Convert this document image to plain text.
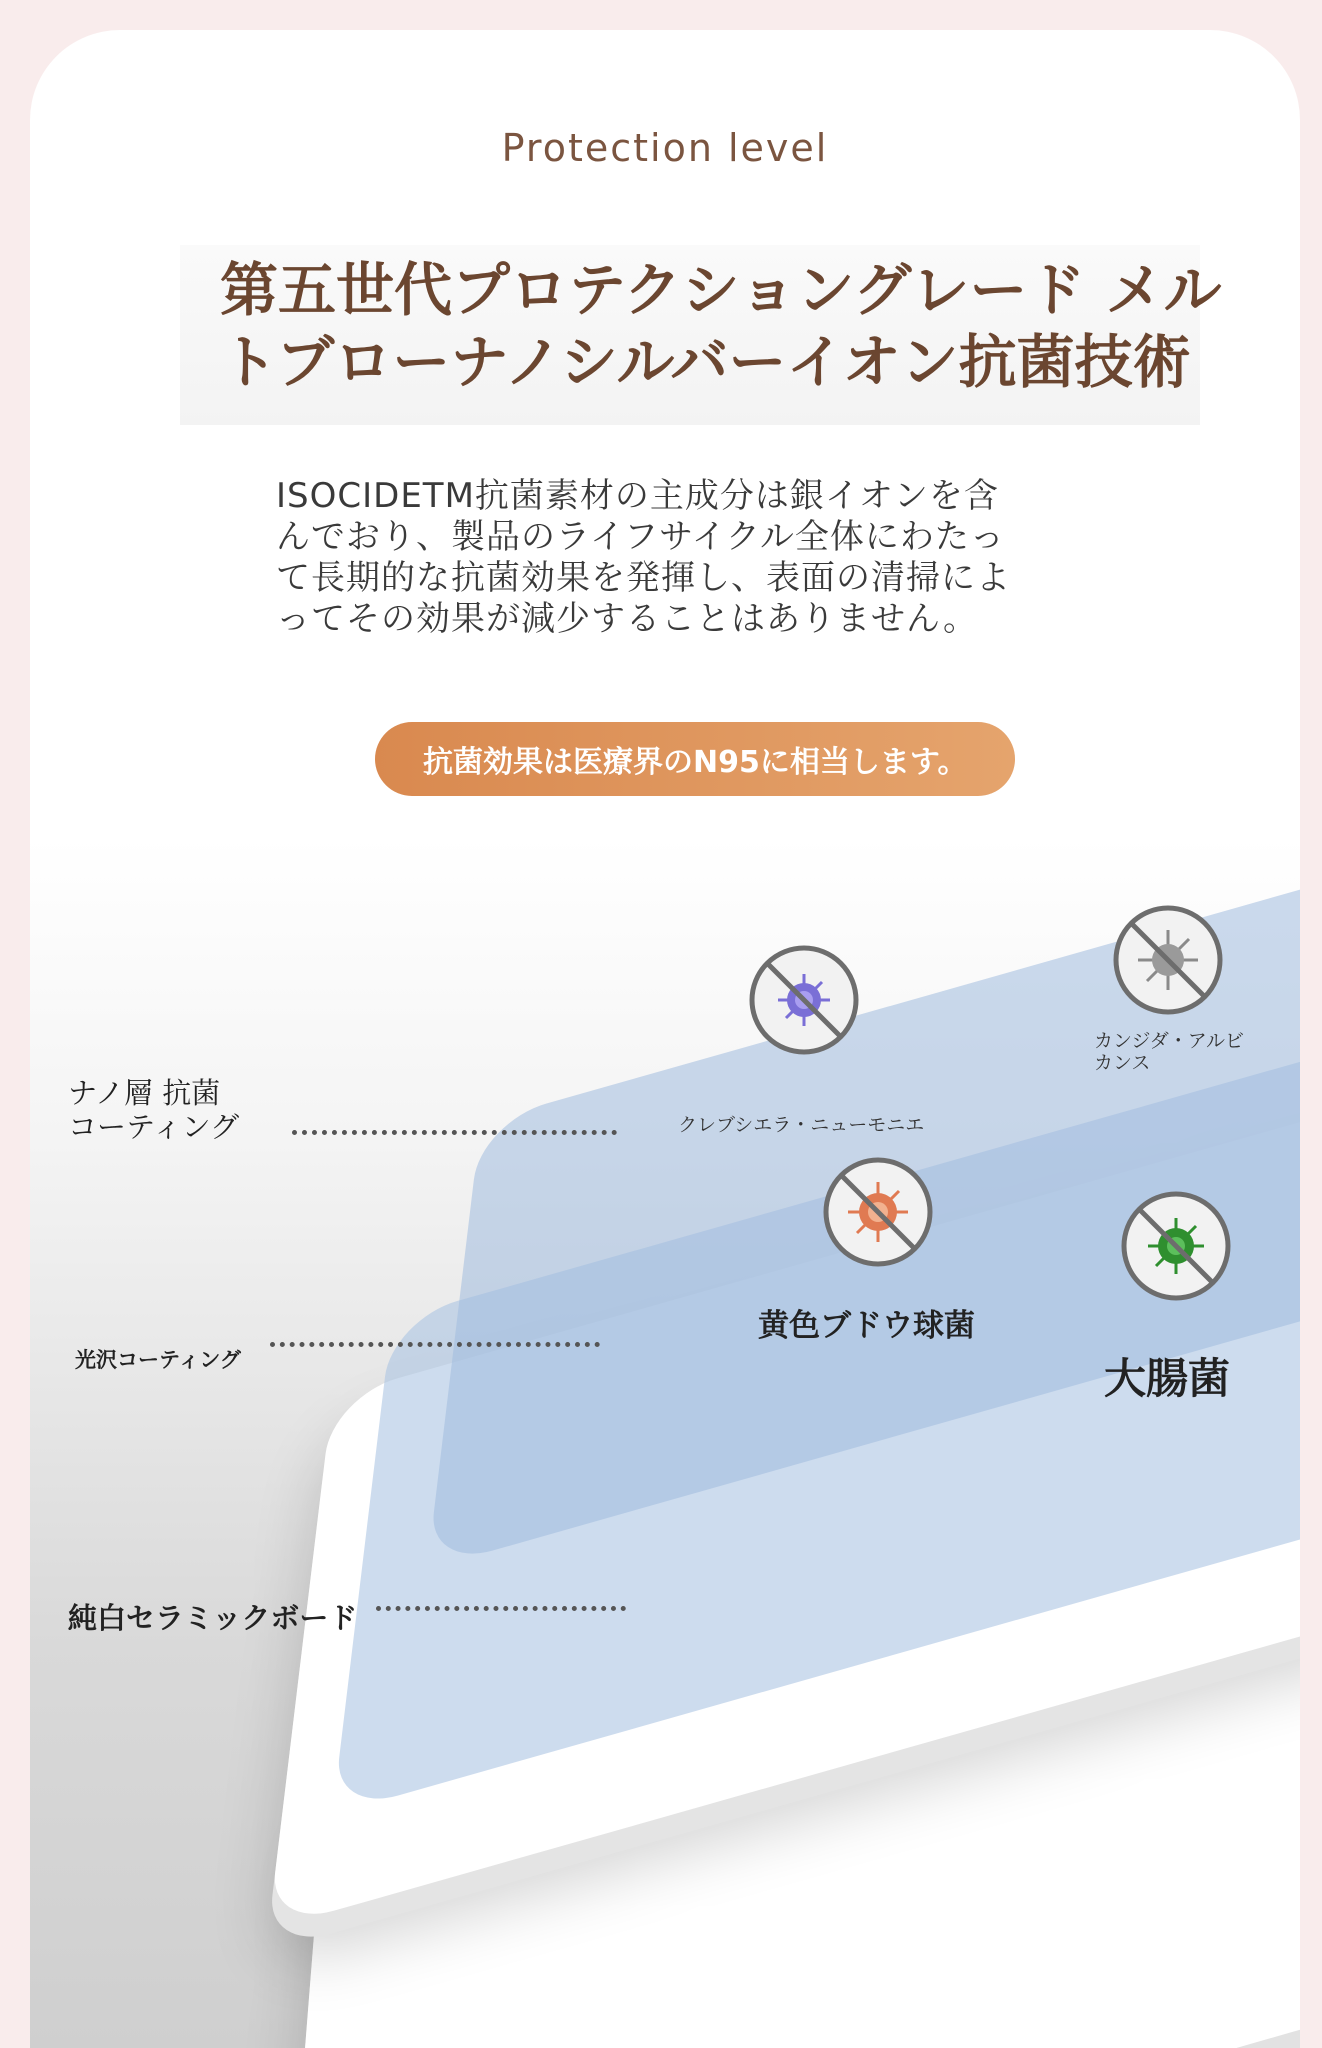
Protection level

第五世代プロテクショングレード メル
トブローナノシルバーイオン抗菌技術

ISOCIDETM抗菌素材の主成分は銀イオンを含
んでおり、製品のライフサイクル全体にわたっ
て長期的な抗菌効果を発揮し、表面の清掃によ
ってその効果が減少することはありません。

抗菌効果は医療界のN95に相当します。

ナノ層 抗菌
コーティング

光沢コーティング

純白セラミックボード

クレブシエラ・ニューモニエ

カンジダ・アルビ
カンス

黄色ブドウ球菌

大腸菌
